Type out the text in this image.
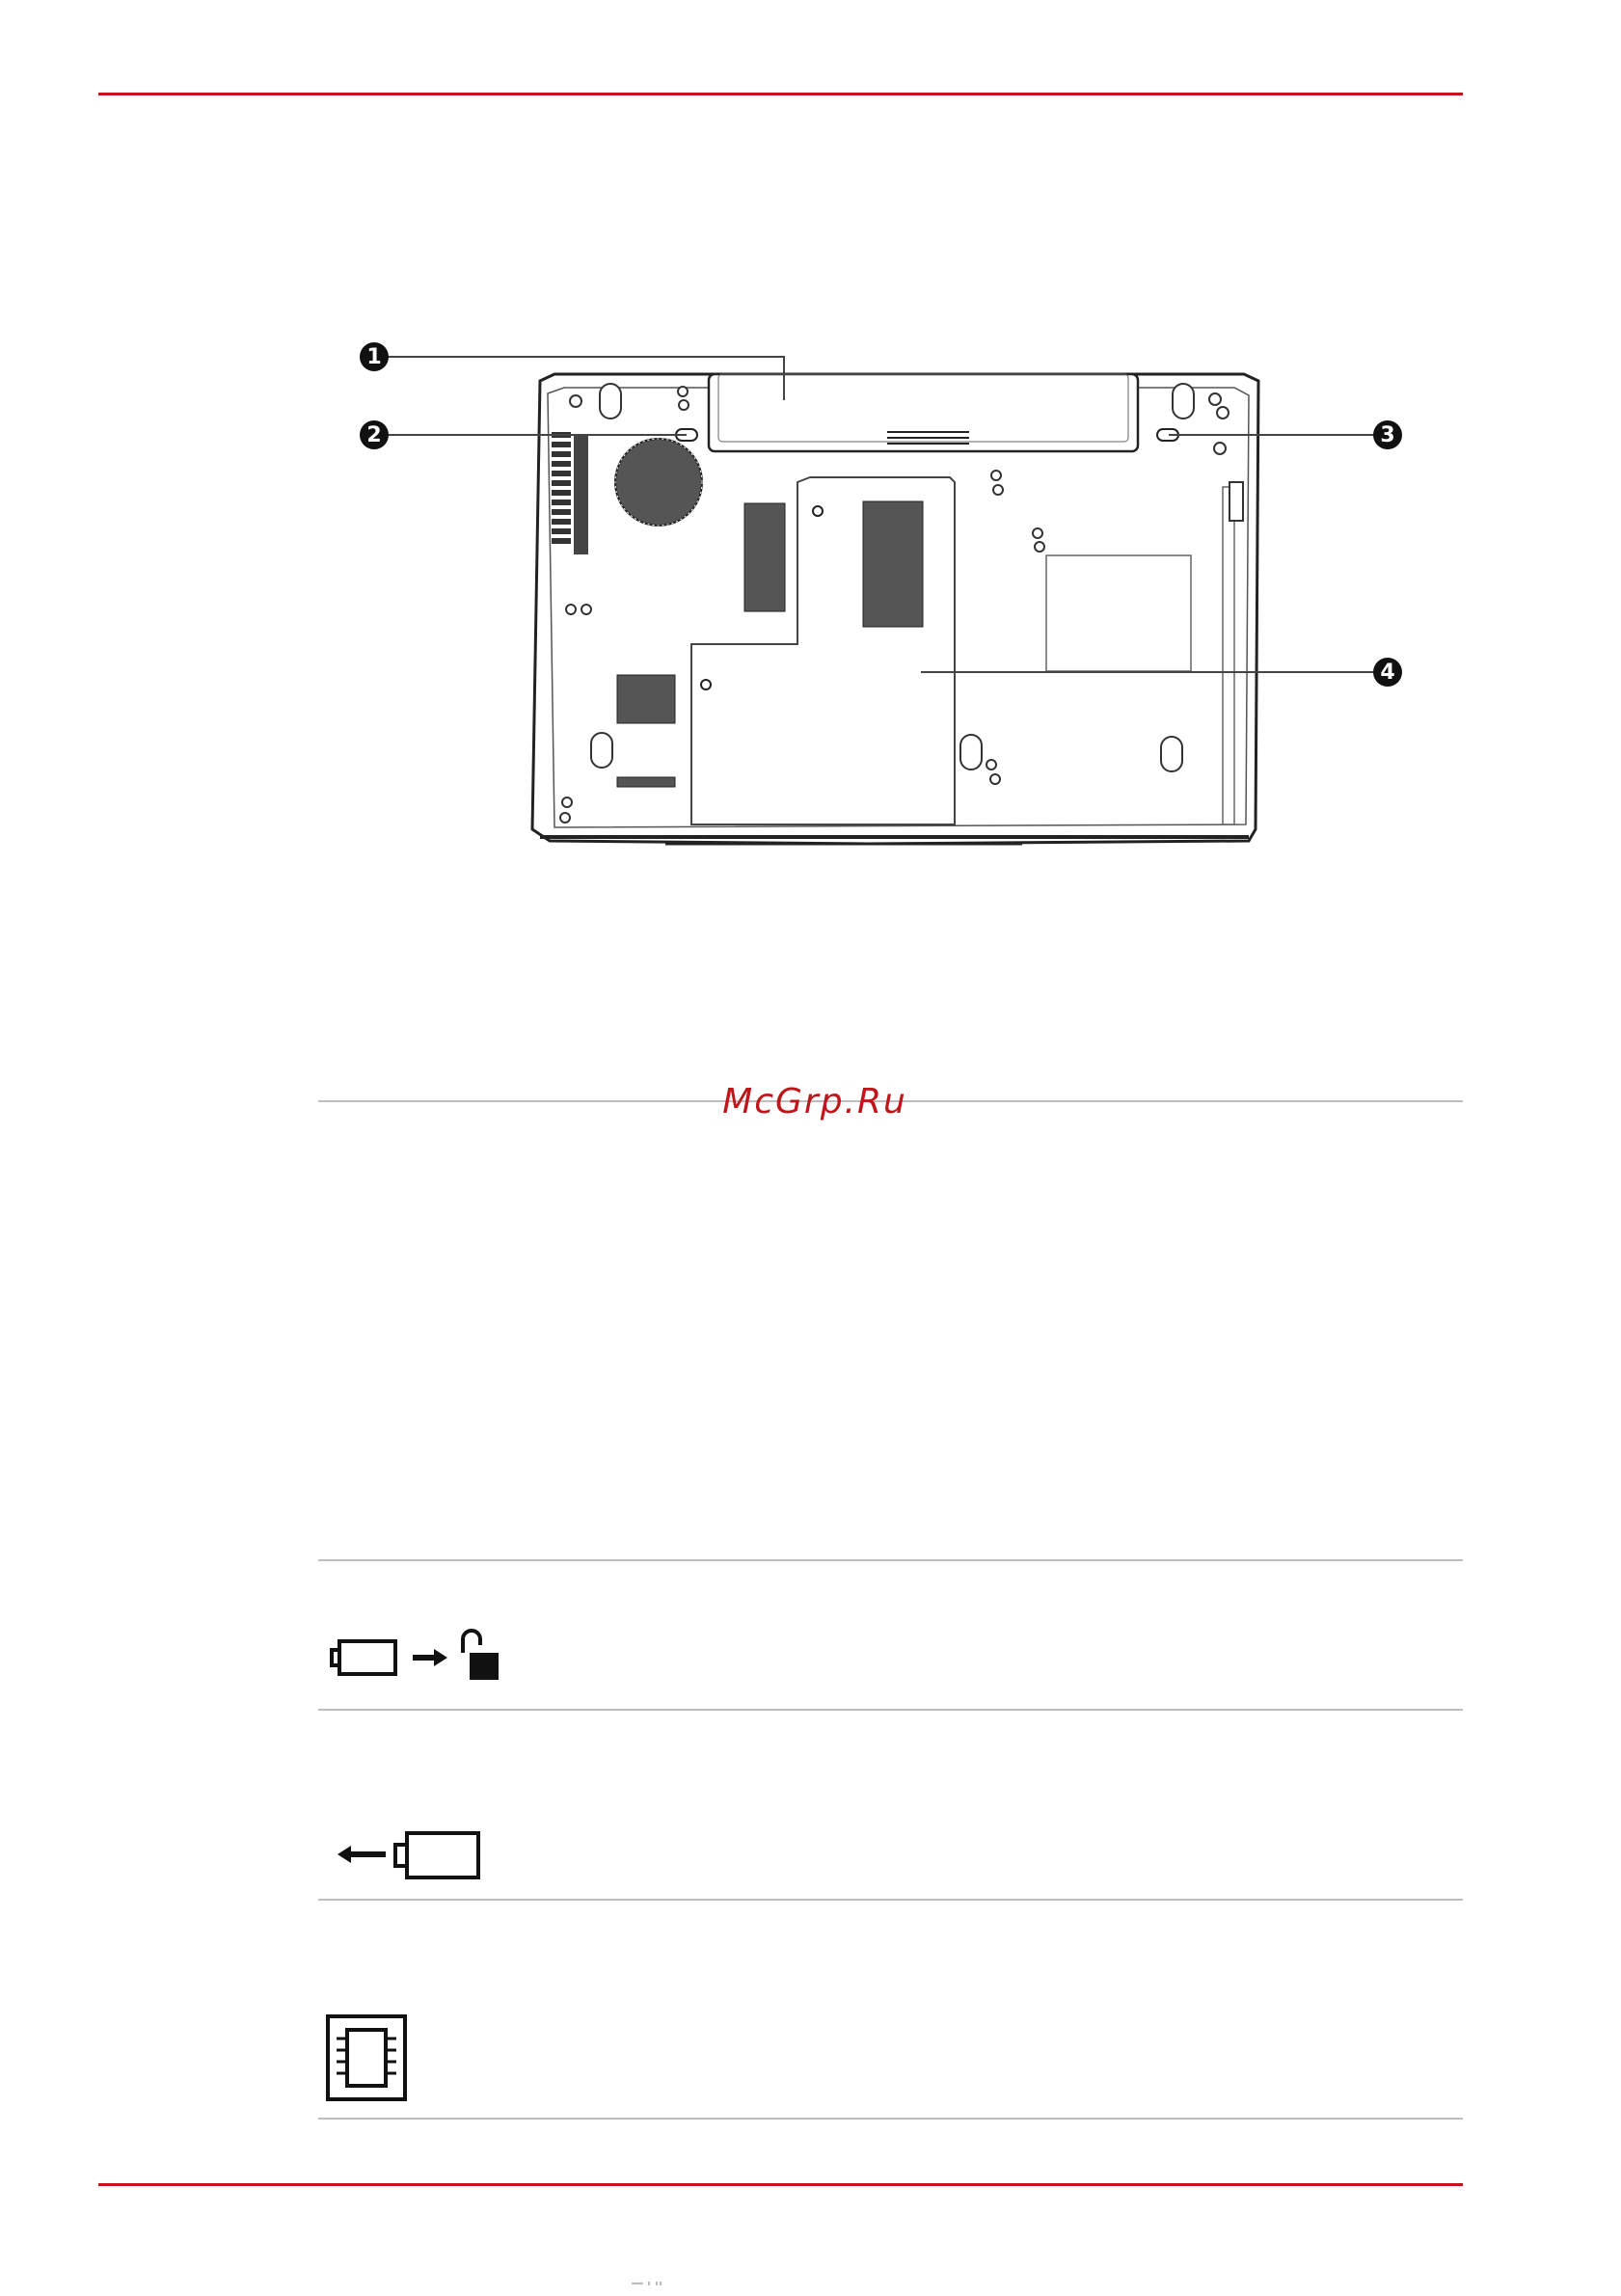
1
2	3
4
McGrp.Ru
